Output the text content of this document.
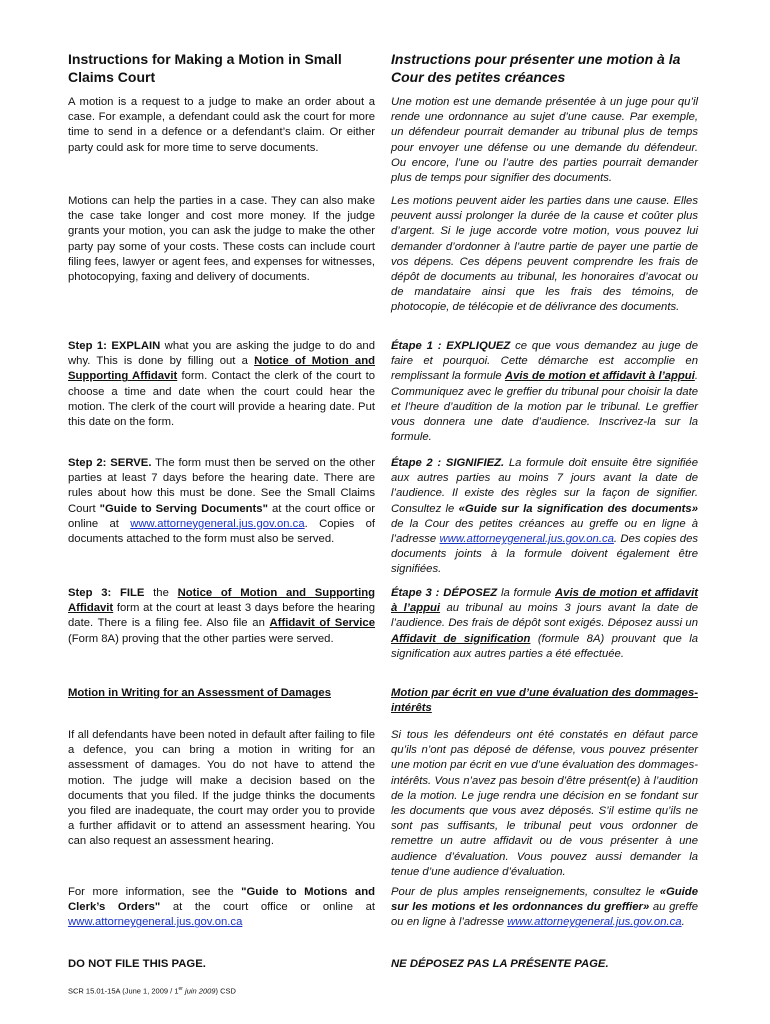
Instructions for Making a Motion in Small Claims Court

A motion is a request to a judge to make an order about a case. For example, a defendant could ask the court for more time to send in a defence or a defendant’s claim. Or either party could ask for more time to serve documents.

Motions can help the parties in a case. They can also make the case take longer and cost more money. If the judge grants your motion, you can ask the judge to make the other party pay some of your costs. These costs can include court filing fees, lawyer or agent fees, and expenses for witnesses, photocopying, faxing and delivery of documents.

Step 1: EXPLAIN what you are asking the judge to do and why. This is done by filling out a Notice of Motion and Supporting Affidavit form. Contact the clerk of the court to choose a time and date when the court could hear the motion. The clerk of the court will provide a hearing date. Put this date on the form.

Step 2: SERVE. The form must then be served on the other parties at least 7 days before the hearing date. There are rules about how this must be done. See the Small Claims Court "Guide to Serving Documents" at the court office or online at www.attorneygeneral.jus.gov.on.ca. Copies of documents attached to the form must also be served.

Step 3: FILE the Notice of Motion and Supporting Affidavit form at the court at least 3 days before the hearing date. There is a filing fee. Also file an Affidavit of Service (Form 8A) proving that the other parties were served.

Motion in Writing for an Assessment of Damages

If all defendants have been noted in default after failing to file a defence, you can bring a motion in writing for an assessment of damages. You do not have to attend the motion. The judge will make a decision based on the documents that you filed. If the judge thinks the documents you filed are inadequate, the court may order you to provide a further affidavit or to attend an assessment hearing. You can also request an assessment hearing.

For more information, see the "Guide to Motions and Clerk’s Orders" at the court office or online at www.attorneygeneral.jus.gov.on.ca

DO NOT FILE THIS PAGE.

Instructions pour présenter une motion à la Cour des petites créances

Une motion est une demande présentée à un juge pour qu’il rende une ordonnance au sujet d’une cause. Par exemple, un défendeur pourrait demander au tribunal plus de temps pour envoyer une défense ou une demande du défendeur. Ou encore, l’une ou l’autre des parties pourrait demander plus de temps pour signifier des documents.

Les motions peuvent aider les parties dans une cause. Elles peuvent aussi prolonger la durée de la cause et coûter plus d’argent. Si le juge accorde votre motion, vous pouvez lui demander d’ordonner à l’autre partie de payer une partie de vos dépens. Ces dépens peuvent comprendre les frais de dépôt de documents au tribunal, les honoraires d’avocat ou de mandataire ainsi que les frais des témoins, de photocopie, de télécopie et de délivrance des documents.

Étape 1 : EXPLIQUEZ ce que vous demandez au juge de faire et pourquoi. Cette démarche est accomplie en remplissant la formule Avis de motion et affidavit à l’appui. Communiquez avec le greffier du tribunal pour choisir la date et l’heure d’audition de la motion par le tribunal. Le greffier vous donnera une date d’audience. Inscrivez-la sur la formule.

Étape 2 : SIGNIFIEZ. La formule doit ensuite être signifiée aux autres parties au moins 7 jours avant la date de l’audience. Il existe des règles sur la façon de signifier. Consultez le «Guide sur la signification des documents» de la Cour des petites créances au greffe ou en ligne à l’adresse www.attorneygeneral.jus.gov.on.ca. Des copies des documents joints à la formule doivent également être signifiées.

Étape 3 : DÉPOSEZ la formule Avis de motion et affidavit à l’appui au tribunal au moins 3 jours avant la date de l’audience. Des frais de dépôt sont exigés. Déposez aussi un Affidavit de signification (formule 8A) prouvant que la signification aux autres parties a été effectuée.

Motion par écrit en vue d’une évaluation des dommages-intérêts

Si tous les défendeurs ont été constatés en défaut parce qu’ils n’ont pas déposé de défense, vous pouvez présenter une motion par écrit en vue d’une évaluation des dommages-intérêts. Vous n’avez pas besoin d’être présent(e) à l’audition de la motion. Le juge rendra une décision en se fondant sur les documents que vous avez déposés. S’il estime qu’ils ne sont pas suffisants, le tribunal peut vous ordonner de remettre un autre affidavit ou de vous présenter à une audience d’évaluation. Vous pouvez aussi demander la tenue d’une audience d’évaluation.

Pour de plus amples renseignements, consultez le «Guide sur les motions et les ordonnances du greffier» au greffe ou en ligne à l’adresse www.attorneygeneral.jus.gov.on.ca.

NE DÉPOSEZ PAS LA PRÉSENTE PAGE.

SCR 15.01-15A (June 1, 2009 / 1er juin 2009) CSD
